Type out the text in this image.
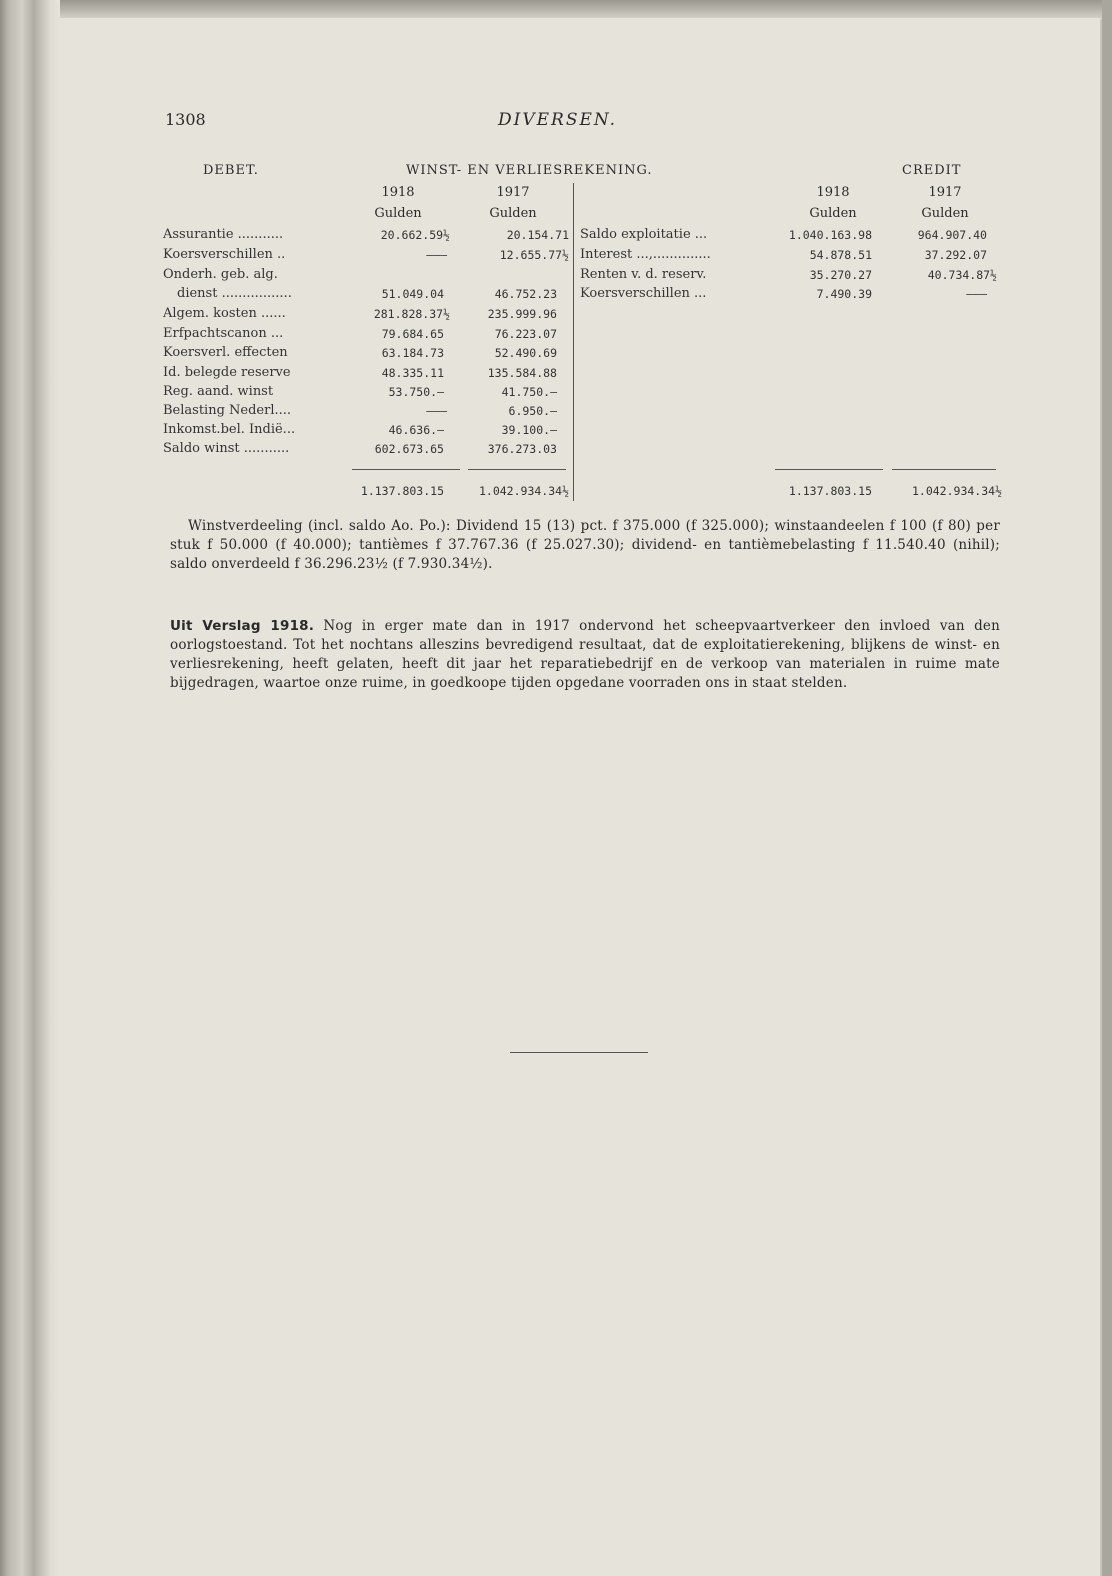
1308	DIVERSEN.
DEBET.	WINST- EN VERLIESREKENING.	CREDIT
1918	1917
Gulden	Gulden
1918	1917
Gulden	Gulden
Assurantie ...........	20.662.59½	20.154.71
Koersverschillen ..	———	12.655.77½
Onderh. geb. alg.
dienst .................	51.049.04	46.752.23
Algem. kosten ......	281.828.37½	235.999.96
Erfpachtscanon ...	79.684.65	76.223.07
Koersverl. effecten	63.184.73	52.490.69
Id. belegde reserve	48.335.11	135.584.88
Reg. aand. winst	53.750.—	41.750.—
Belasting Nederl....	———	6.950.—
Inkomst.bel. Indië...	46.636.—	39.100.—
Saldo winst ...........	602.673.65	376.273.03
1.137.803.15	1.042.934.34½
Saldo exploitatie ...	1.040.163.98	964.907.40
Interest ...,..............	54.878.51	37.292.07
Renten v. d. reserv.	35.270.27	40.734.87½
Koersverschillen ...	7.490.39	———
1.137.803.15	1.042.934.34½
Winstverdeeling (incl. saldo Ao. Po.): Dividend 15 (13) pct. f 375.000 (f 325.000); winstaandeelen f 100 (f 80) per stuk f 50.000 (f 40.000); tantièmes f 37.767.36 (f 25.027.30); dividend- en tantièmebelasting f 11.540.40 (nihil); saldo onverdeeld f 36.296.23½ (f 7.930.34½).
Uit Verslag 1918. Nog in erger mate dan in 1917 ondervond het scheepvaartverkeer den invloed van den oorlogstoestand. Tot het nochtans alleszins bevredigend resultaat, dat de exploitatierekening, blijkens de winst- en verliesrekening, heeft gelaten, heeft dit jaar het reparatiebedrijf en de verkoop van materialen in ruime mate bijgedragen, waartoe onze ruime, in goedkoope tijden opgedane voorraden ons in staat stelden.
